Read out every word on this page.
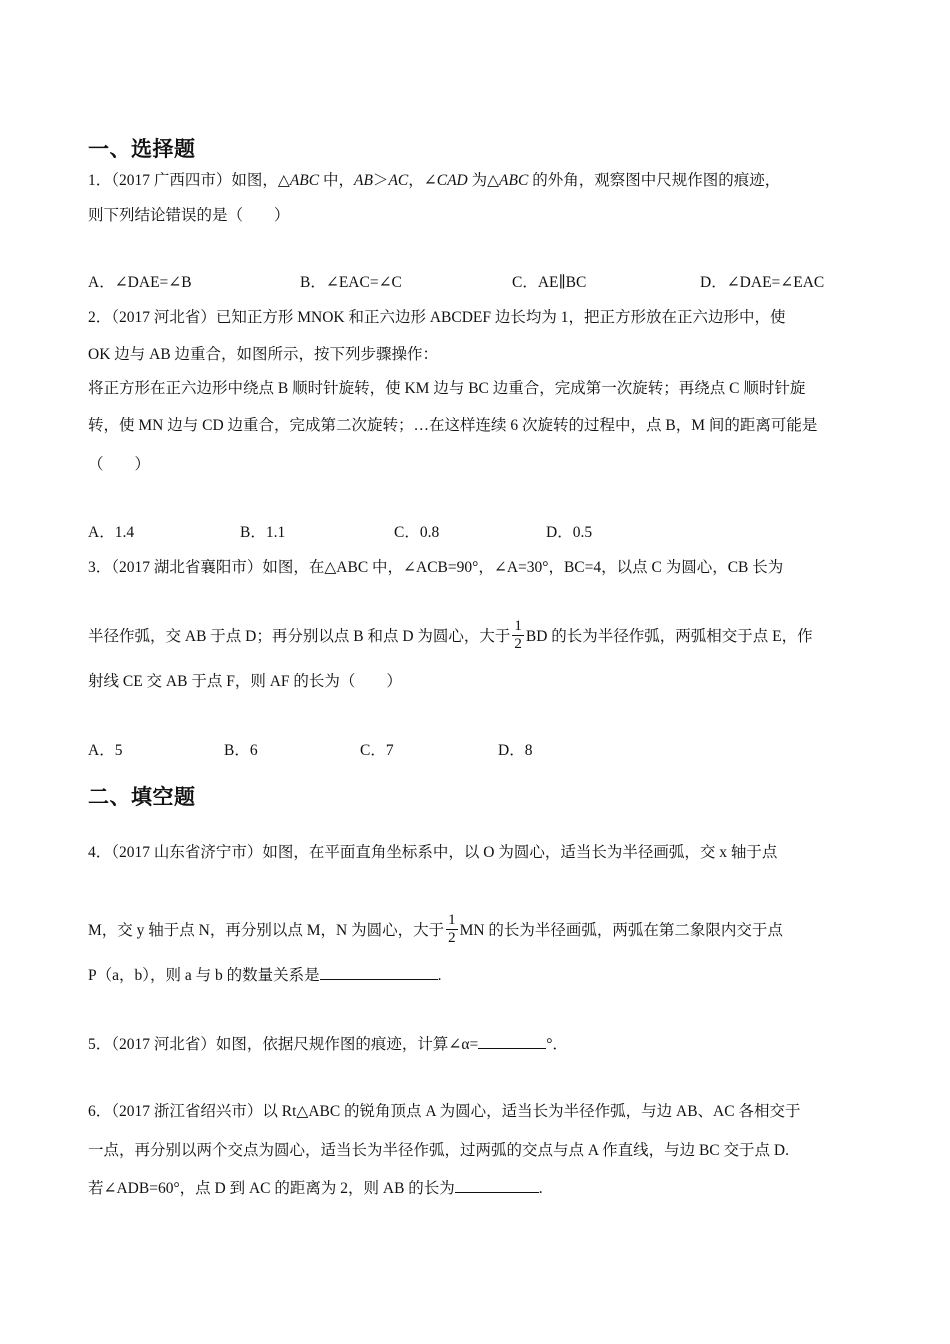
一、选择题
1．（2017 广西四市）如图，△ABC 中，AB＞AC，∠CAD 为△ABC 的外角，观察图中尺规作图的痕迹，
则下列结论错误的是（　　）
A．∠DAE=∠B	B．∠EAC=∠C	C．AE∥BC	D．∠DAE=∠EAC
2．（2017 河北省）已知正方形 MNOK 和正六边形 ABCDEF 边长均为 1，把正方形放在正六边形中，使
OK 边与 AB 边重合，如图所示，按下列步骤操作：
将正方形在正六边形中绕点 B 顺时针旋转，使 KM 边与 BC 边重合，完成第一次旋转；再绕点 C 顺时针旋
转，使 MN 边与 CD 边重合，完成第二次旋转；…在这样连续 6 次旋转的过程中，点 B，M 间的距离可能是
（　　）
A．1.4	B．1.1	C．0.8	D．0.5
3．（2017 湖北省襄阳市）如图，在△ABC 中，∠ACB=90°，∠A=30°，BC=4，以点 C 为圆心，CB 长为
半径作弧，交 AB 于点 D；再分别以点 B 和点 D 为圆心，大于 $\frac{1}{2}$ BD 的长为半径作弧，两弧相交于点 E，作
射线 CE 交 AB 于点 F，则 AF 的长为（　　）
A．5	B．6	C．7	D．8
二、填空题
4．（2017 山东省济宁市）如图，在平面直角坐标系中，以 O 为圆心，适当长为半径画弧，交 x 轴于点
M，交 y 轴于点 N，再分别以点 M，N 为圆心，大于 $\frac{1}{2}$ MN 的长为半径画弧，两弧在第二象限内交于点
P（a，b），则 a 与 b 的数量关系是	.
5．（2017 河北省）如图，依据尺规作图的痕迹，计算∠α=	°．
6．（2017 浙江省绍兴市）以 Rt△ABC 的锐角顶点 A 为圆心，适当长为半径作弧，与边 AB、AC 各相交于
一点，再分别以两个交点为圆心，适当长为半径作弧，过两弧的交点与点 A 作直线，与边 BC 交于点 D.
若∠ADB=60°，点 D 到 AC 的距离为 2，则 AB 的长为	.
